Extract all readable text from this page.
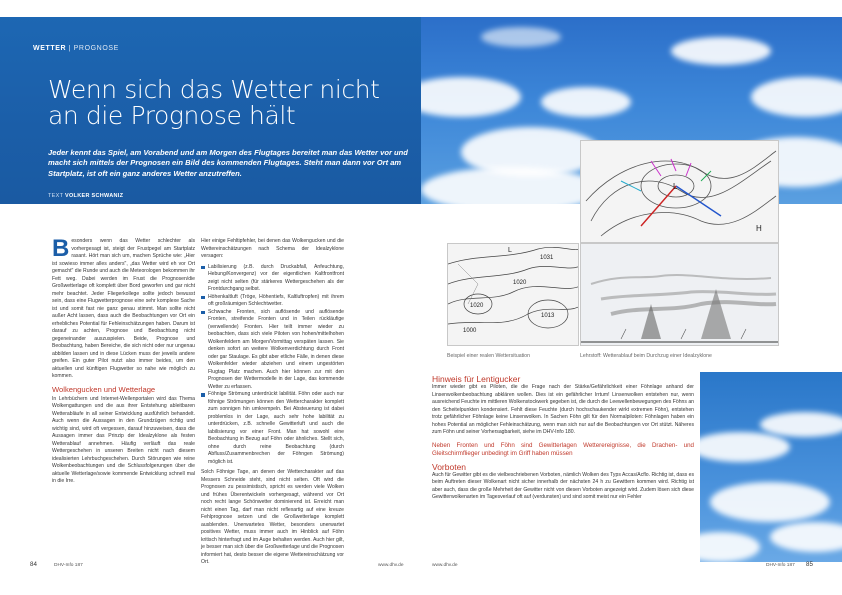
WETTER | PROGNOSE
Wenn sich das Wetter nicht
an die Prognose hält
Jeder kennt das Spiel, am Vorabend und am Morgen des Flugtages bereitet man das Wetter vor und macht sich mittels der Prognosen ein Bild des kommenden Flugtages. Steht man dann vor Ort am Startplatz, ist oft ein ganz anderes Wetter anzutreffen.
TEXT VOLKER SCHWANIZ
L
H
1031
1020
1013
1000
1020
L
Beispiel einer realen Wettersituation	Lehrstoff: Wetterablauf beim Durchzug einer Idealzyklone

Besonders wenn das Wetter schlechter als vorhergesagt ist, steigt der Frustpegel am Startplatz rasant. Hört man sich um, machen Sprüche wie: „Hier ist sowieso immer alles anders", „das Wetter wird eh vor Ort gemacht" die Runde und auch die Meteorologen bekommen ihr Fett weg. Dabei werden im Frust die Prognosen/die Großwetterlage oft komplett über Bord geworfen und gar nicht mehr beachtet. Jeder Fliegerkollege sollte jedoch bewusst sein, dass eine Flugwetterprognose eine sehr komplexe Sache ist und somit fast nie ganz genau stimmt. Man sollte nicht außer Acht lassen, dass auch die Beobachtungen vor Ort ein erhebliches Potential für Fehleinschätzungen haben. Darum ist darauf zu achten, Prognose und Beobachtung nicht gegeneinander auszuspielen. Beide, Prognose und Beobachtung, haben Bereiche, die sich nicht oder nur ungenau abbilden lassen und in diese Lücken muss der jeweils andere greifen. Ein guter Pilot nutzt also immer beides, um den aktuellen und künftigen Flugwetter so nahe wie möglich zu kommen.

Wolkengucken und Wetterlage

In Lehrbüchern und Internet-Wellenportalen wird das Thema Wolkengattungen und die aus ihrer Entstehung ableitbaren Wetterabläufe in all seiner Entwicklung ausführlich behandelt. Auch wenn die Aussagen in den Grundzügen richtig und wichtig sind, wird oft vergessen, darauf hinzuweisen, dass die Aussagen immer das Prinzip der Idealzyklone als festen Wetterablauf annehmen. Häufig verläuft das reale Wettergeschehen in unseren Breiten nicht nach diesem idealisierten Lehrbuchgeschehen. Durch Störungen wie reine Wolkenbeobachtungen und die Schlussfolgerungen über die aktuelle Wetterlage/sowie kommende Entwicklung schnell mal in die Irre.

Hier einige Fehltipfehler, bei denen das Wolkengucken und die Wettereinschätzungen nach Schema der Idealzyklone versagen:

Labilisierung (z.B. durch Druckabfall, Anfeuchtung, Hebung/Konvergenz) vor der eigentlichen Kaltfrontfront zeigt nicht selten (für stärkeres Wettergeschehen als der Frontdurchgang selbst.
Höhenkaltluft (Tröge, Höhentiefs, Kaltluftropfen) mit ihrem oft großräumigen Schlechtwetter.
Schwache Fronten, sich auflösende und auflösende Fronten, streifende Fronten und in Teilen rückläufige (verwellende) Fronten. Hier teilt immer wieder zu beobachten, dass sich viele Piloten von hohen/mittelhohen Wolkenfeldern am Morgen/Vormittag verspäten lassen. Sie denken sofort an weitere Wolkenverdichtung durch Front oder gar Staulage. Es gibt aber etliche Fälle, in denen diese Wolkenfelder wieder abziehen und einem ungestörten Flugtag Platz machen. Auch hier können zur mit den Prognosen der Wettermodelle in der Lage, das kommende Wetter zu erfassen.
Föhnige Strömung unterdrückt labilität. Föhn oder auch nur föhnige Strömungen können den Wettercharakter komplett zum sonnigen hin umkrempeln. Bei Absteuerung ist dabei problemlos in der Lage, auch sehr hohe labilität zu unterdrücken, z.B. schnelle Gewitterluft und auch die labilisierung vor einer Front. Man hat sowohl eine Beobachtung in Bezug auf Föhn oder ähnliches. Stellt sich, ohne durch reine Beobachtung (durch Abfluss/Zusammenbrechen der Föhngen Strömung) möglich ist.

Solch Föhnige Tage, an denen der Wettercharakter auf das Messers Schneide steht, sind nicht selten. Oft wird die Prognosen zu pessimistisch, spricht es werden viele Wolken und frühes Überentwickeln vorhergesagt, während vor Ort noch recht lange Schönwetter dominierend ist. Erreicht man nicht einen Tag, darf man nicht reflexartig auf eine kreuze Fehlprognose setzen und die Großwetterlage komplett ausblenden. Unerwartetes Wetter, besonders unerwartet positives Wetter, muss immer auch im Hinblick auf Föhn kritisch hinterfragt und im Auge behalten werden. Auch hier gilt, je besser man sich über die Großwetterlage und die Prognosen informiert hat, desto besser die eigene Wettereinschätzung vor Ort.

Hinweis für Lentigucker

Immer wieder gibt es Piloten, die die Frage nach der Stärke/Gefährlichkeit einer Föhnlage anhand der Linsenwolkenbeobachtung abklären wollen. Dies ist ein gefährlicher Irrtum! Linsenwolken entstehen nur, wenn ausreichend Feuchte im mittleren Wolkenstockwerk gegeben ist, die durch die Leewellenbewegungen des Föhns an den Scheitelpunkten kondensiert. Fehlt diese Feuchte (durch hochschaukender wirkt extremen Föhn), entstehen trotz gefährlicher Föhnlage keine Linsenwolken. In Sachen Föhn gilt für den Normalpiloten: Föhnlagen haben ein hohes Potential an möglicher Fehleinschätzung, wenn man sich nur auf die Beobachtungen vor Ort stützt. Näheres zum Föhn und seiner Vorhersagbarkeit, siehe im DHV-Info 180.

Neben Fronten und Föhn sind Gewitterlagen Wetterereignisse, die Drachen- und Gleitschirmflieger unbedingt im Griff haben müssen
Vorboten

Auch für Gewitter gibt es die vielbeschriebenen Vorboten, nämlich Wolken des Typs Accas/Acflo. Richtig ist, dass es beim Auftreten dieser Wolkenart nicht sicher innerhalb der nächsten 24 h zu Gewittern kommen wird. Richtig ist aber auch, dass die große Mehrheit der Gewitter nicht von diesen Vorboten angezeigt wird. Zudem lösen sich diese Gewitterwolkenarten im Tagesverlauf oft auf (verdunsten) und sind somit meist nur ein Fehler

84	DHV-Info 187	www.dhv.de	www.dhv.de	DHV-Info 187 85
